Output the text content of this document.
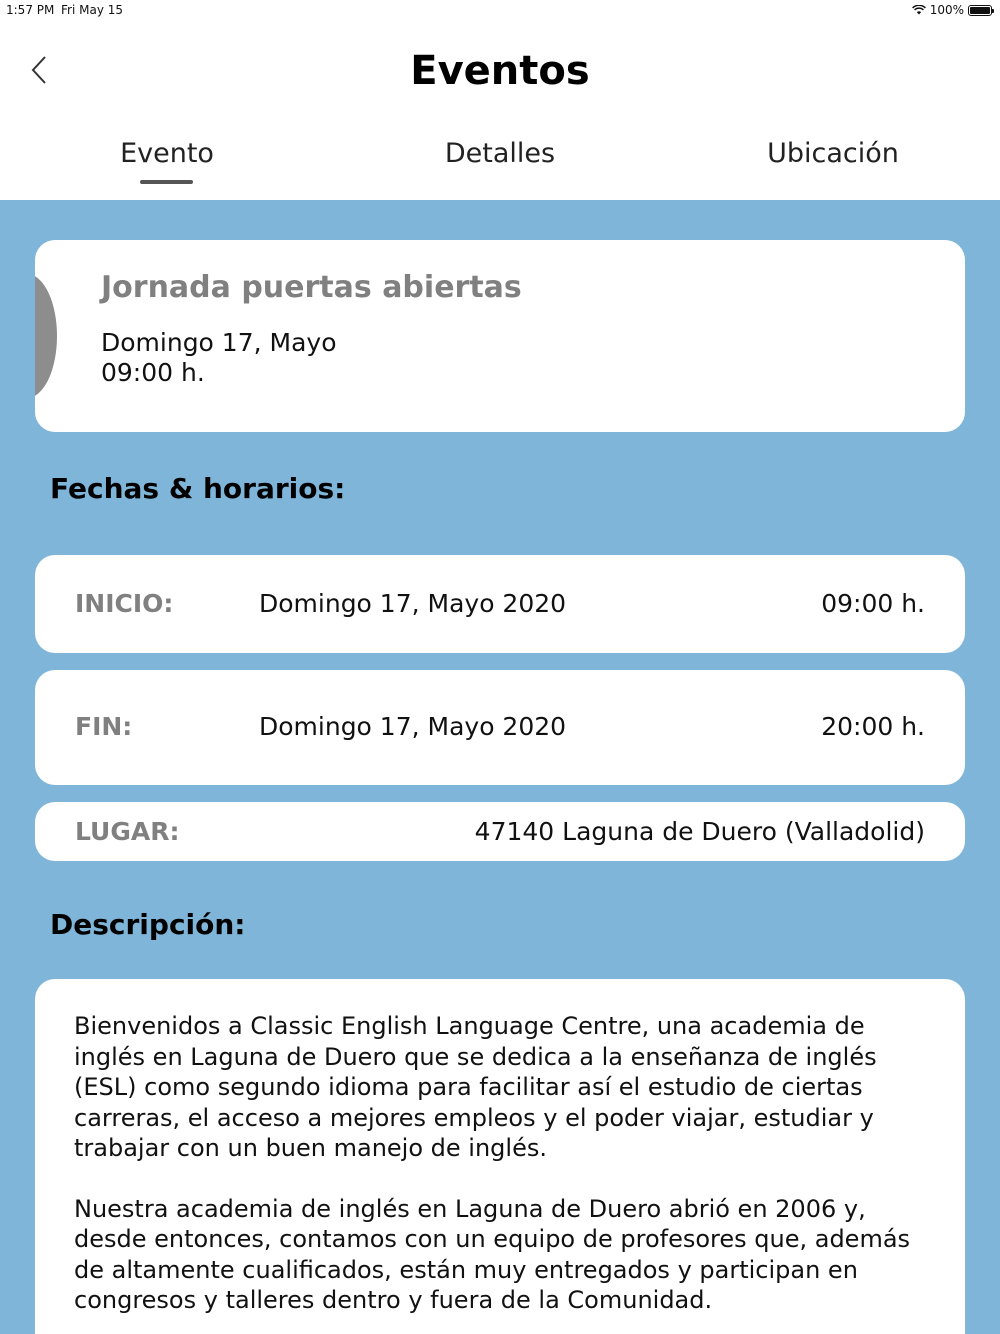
1:57 PM Fri May 15	100%
Eventos
Evento	Detalles	Ubicación
Jornada puertas abiertas
Domingo 17, Mayo
09:00 h.
Fechas & horarios:
INICIO:	Domingo 17, Mayo 2020	09:00 h.
FIN:	Domingo 17, Mayo 2020	20:00 h.
LUGAR:	47140 Laguna de Duero (Valladolid)
Descripción:

Bienvenidos a Classic English Language Centre, una academia de inglés en Laguna de Duero que se dedica a la enseñanza de inglés (ESL) como segundo idioma para facilitar así el estudio de ciertas carreras, el acceso a mejores empleos y el poder viajar, estudiar y trabajar con un buen manejo de inglés.

Nuestra academia de inglés en Laguna de Duero abrió en 2006 y, desde entonces, contamos con un equipo de profesores que, además de altamente cualificados, están muy entregados y participan en congresos y talleres dentro y fuera de la Comunidad.
